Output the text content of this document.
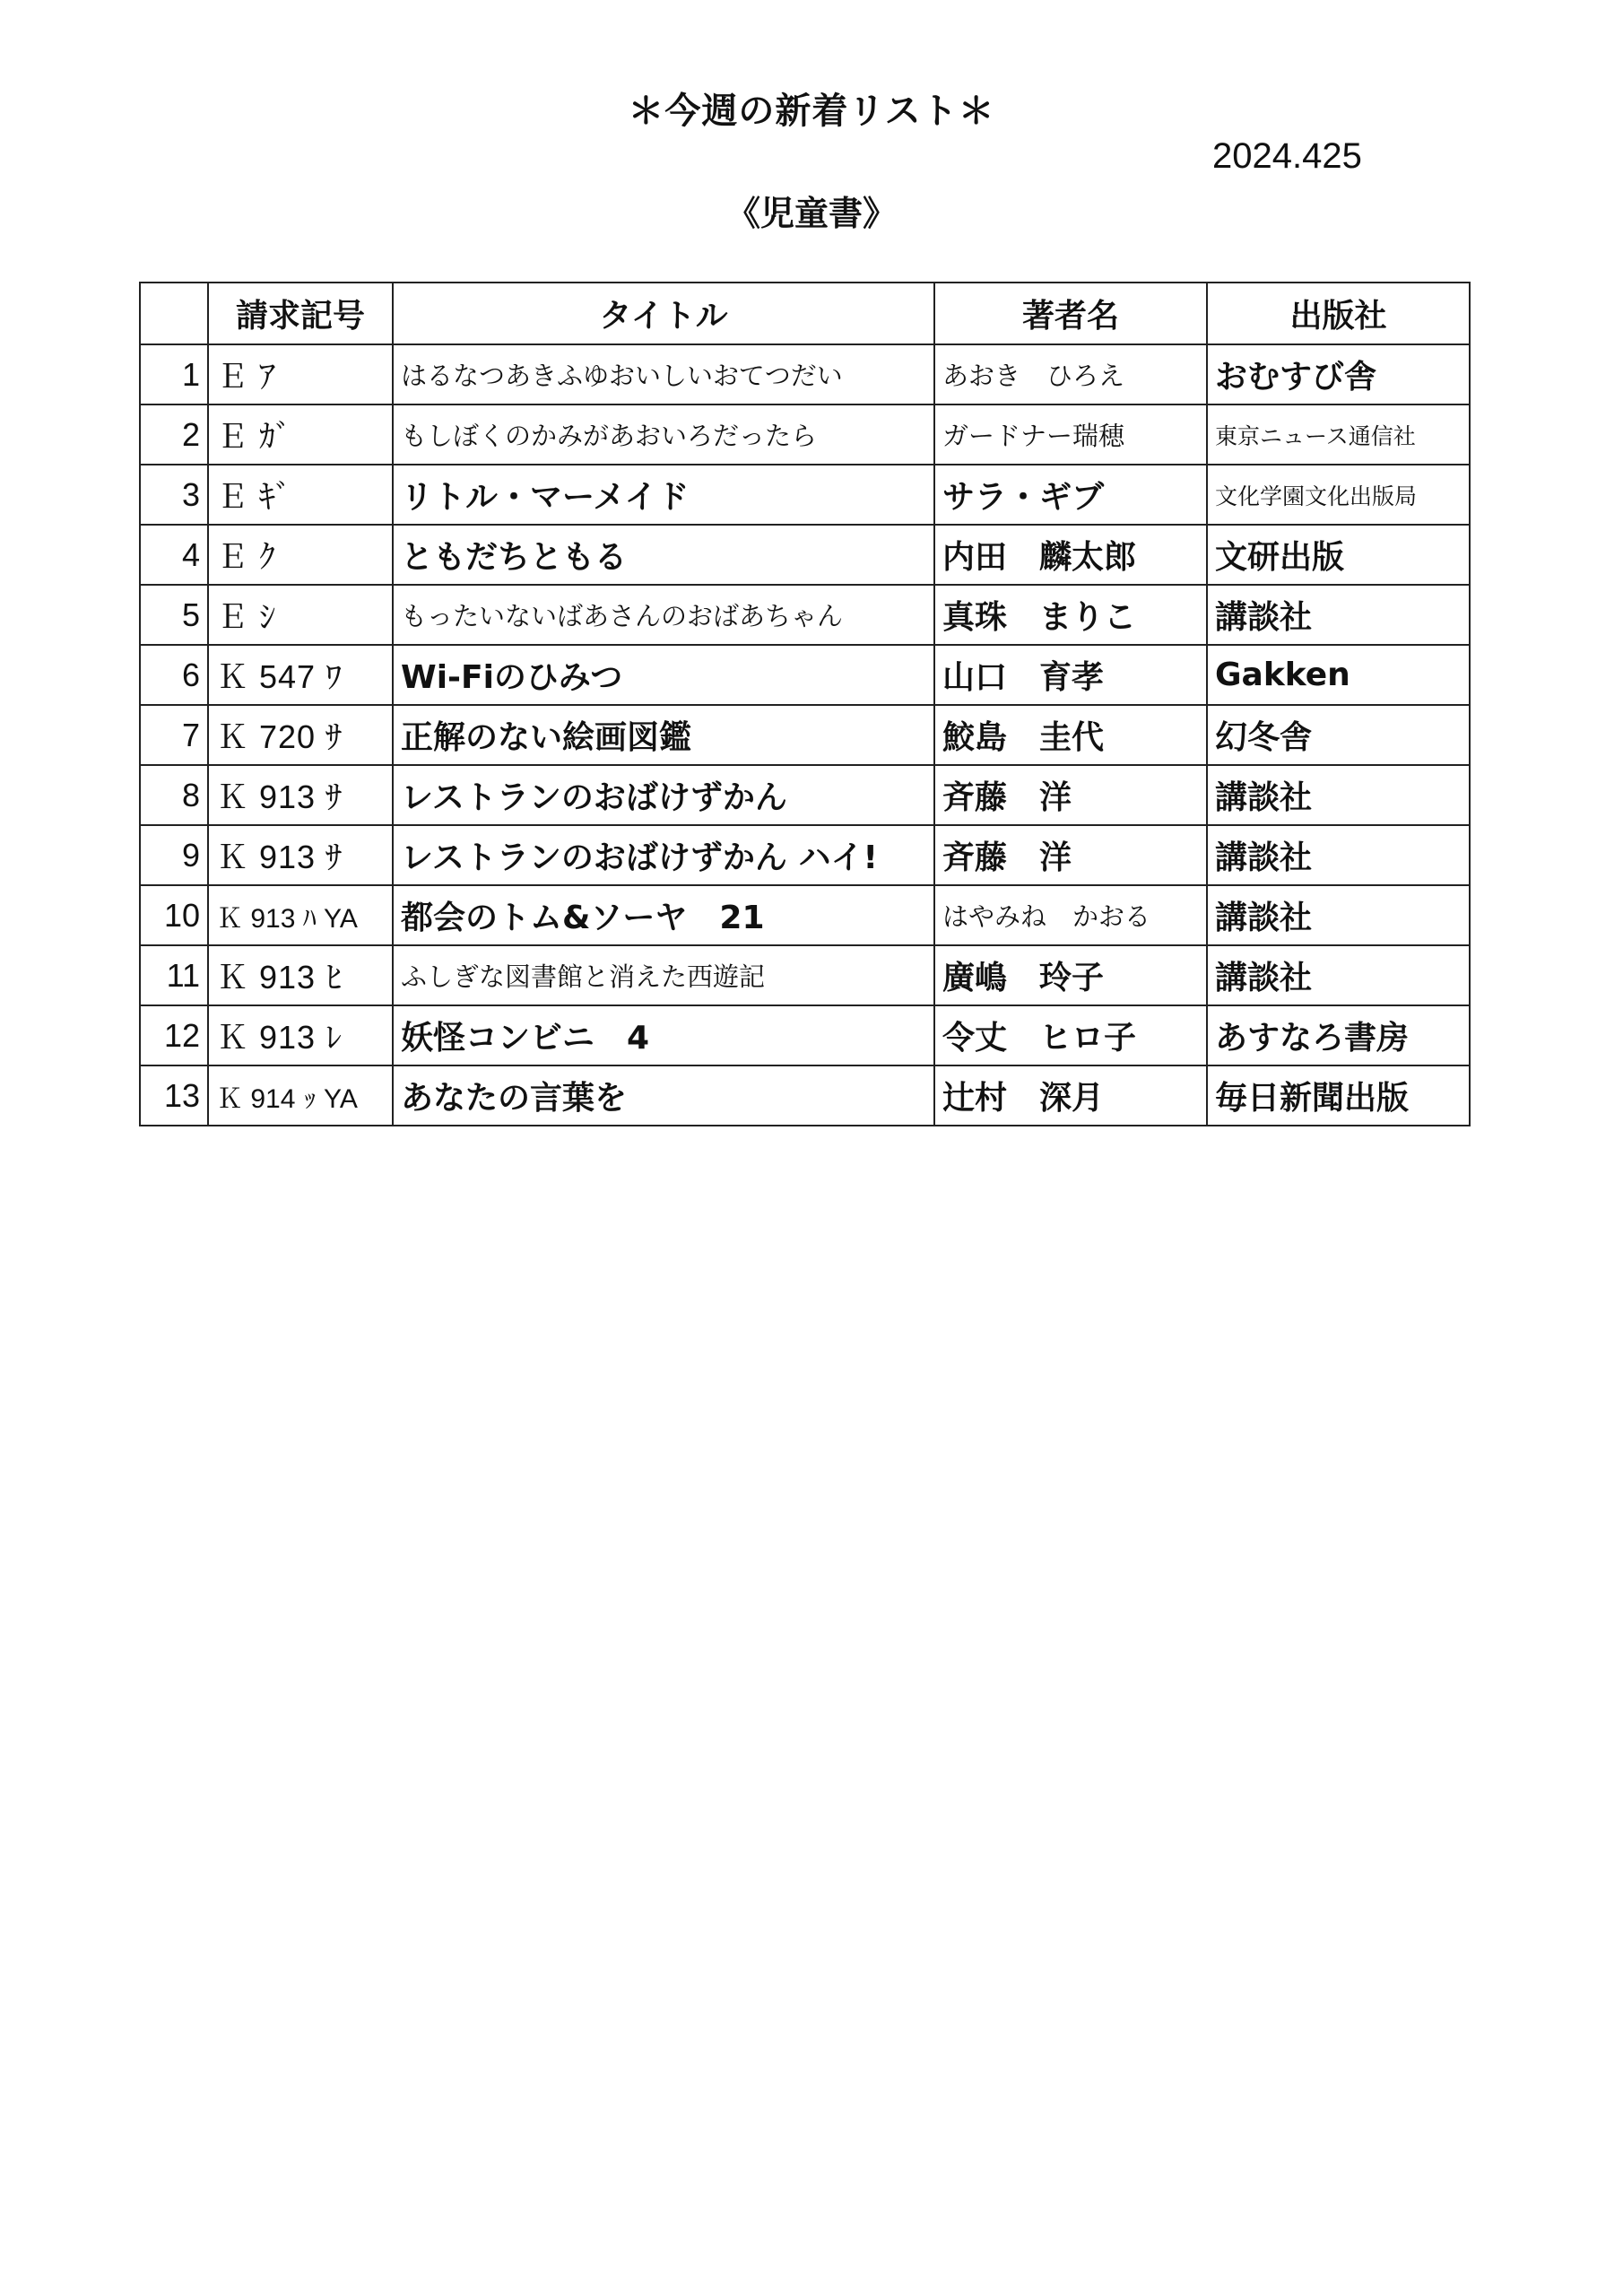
＊今週の新着リスト＊
2024.425
《児童書》
	請求記号	タイトル	著者名	出版社
1	Ｅ ｱ	はるなつあきふゆおいしいおてつだい	あおき　ひろえ	おむすび舎
2	Ｅ ｶﾞ	もしぼくのかみがあおいろだったら	ガードナー瑞穂	東京ニュース通信社
3	Ｅ ｷﾞ	リトル・マーメイド	サラ・ギブ	文化学園文化出版局
4	Ｅ ｸ	ともだちともる	内田　麟太郎	文研出版
5	Ｅ ｼ	もったいないばあさんのおばあちゃん	真珠　まりこ	講談社
6	Ｋ 547 ﾜ	Wi-Fiのひみつ	山口　育孝	Gakken
7	Ｋ 720 ｻ	正解のない絵画図鑑	鮫島　圭代	幻冬舎
8	Ｋ 913 ｻ	レストランのおばけずかん	斉藤　洋	講談社
9	Ｋ 913 ｻ	レストランのおばけずかん ハイ!	斉藤　洋	講談社
10	Ｋ 913 ﾊ YA	都会のトム&ソーヤ　21	はやみね　かおる	講談社
11	Ｋ 913 ﾋ	ふしぎな図書館と消えた西遊記	廣嶋　玲子	講談社
12	Ｋ 913 ﾚ	妖怪コンビニ　4	令丈　ヒロ子	あすなろ書房
13	Ｋ 914 ｯ YA	あなたの言葉を	辻村　深月	毎日新聞出版
